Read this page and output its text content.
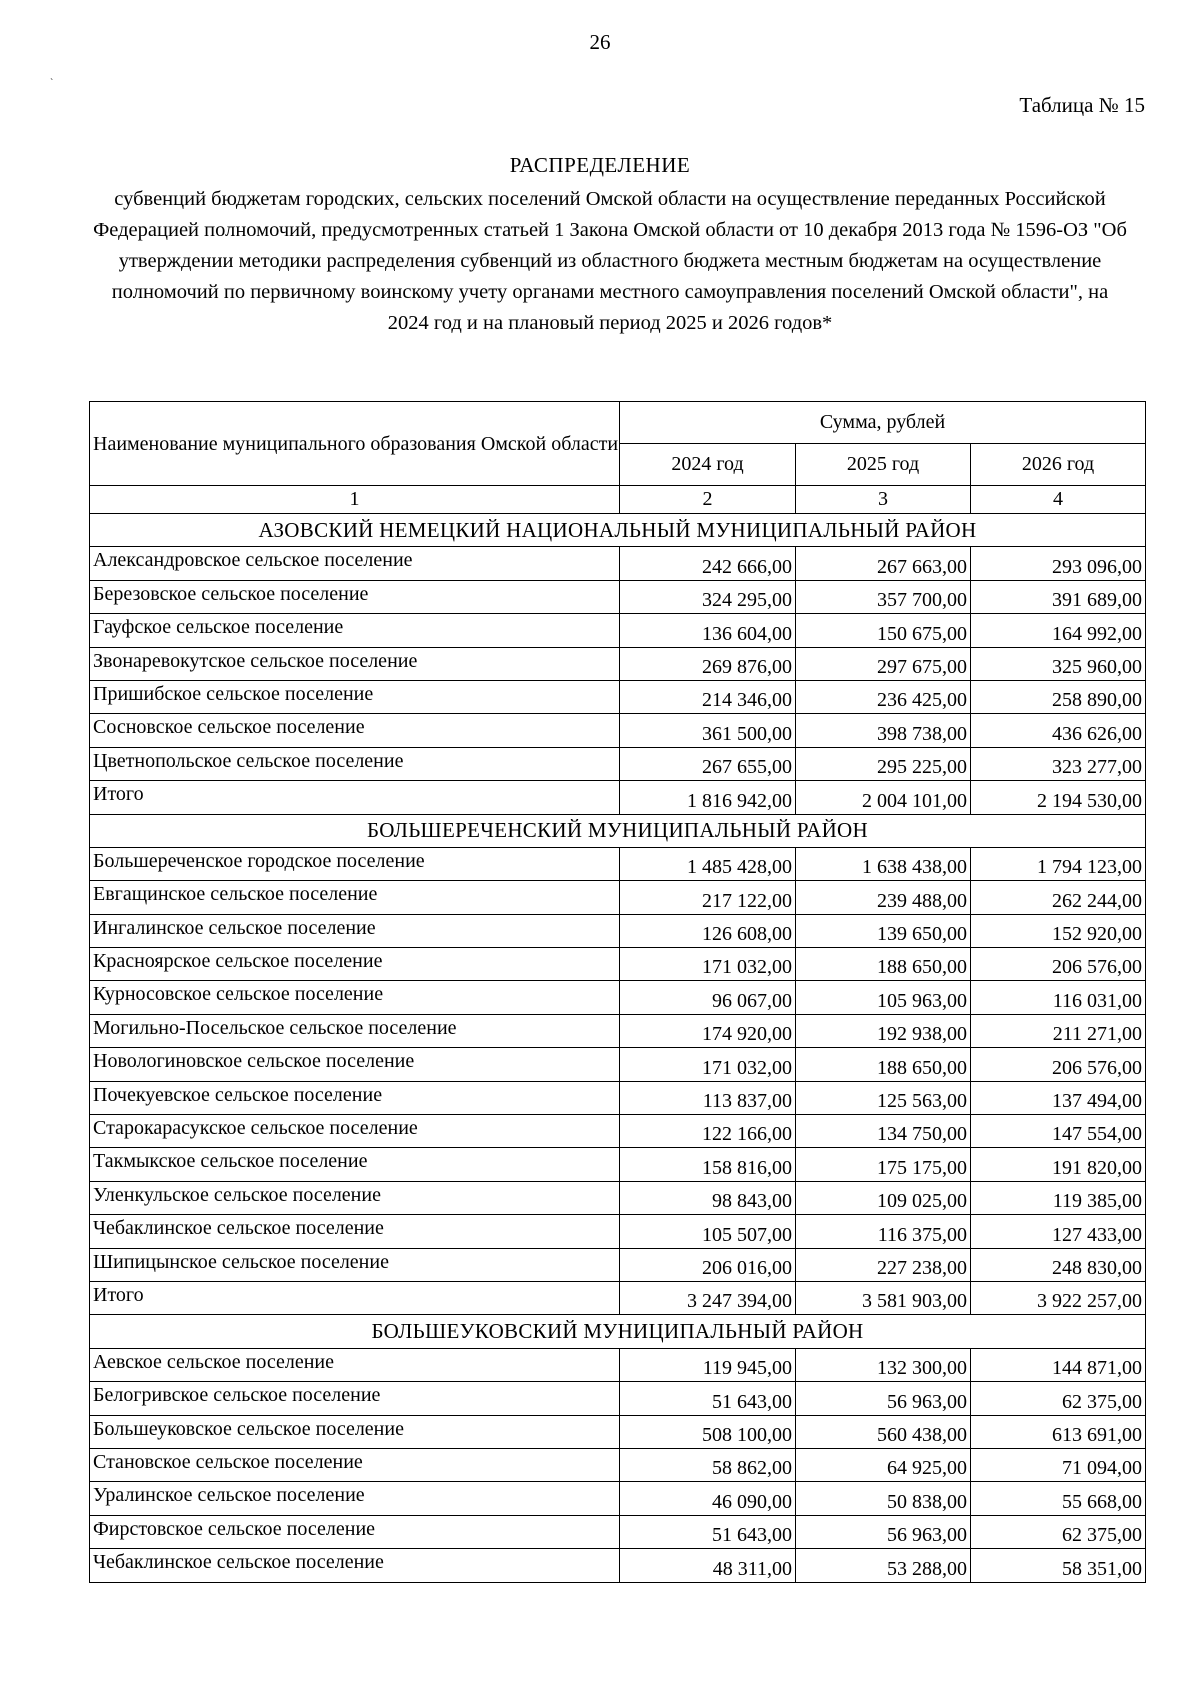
26
`
Таблица № 15
РАСПРЕДЕЛЕНИЕ
субвенций бюджетам городских, сельских поселений Омской области на осуществление переданных Российской Федерацией полномочий, предусмотренных статьей 1 Закона Омской области от 10 декабря 2013 года № 1596-ОЗ "Об утверждении методики распределения субвенций из областного бюджета местным бюджетам на осуществление полномочий по первичному воинскому учету органами местного самоуправления поселений Омской области", на 2024 год и на плановый период 2025 и 2026 годов*
Наименование муниципального образования Омской области	Сумма, рублей		
	2024 год	2025 год	2026 год
1	2	3	4
АЗОВСКИЙ НЕМЕЦКИЙ НАЦИОНАЛЬНЫЙ МУНИЦИПАЛЬНЫЙ РАЙОН			
Александровское сельское поселение	242 666,00	267 663,00	293 096,00
Березовское сельское поселение	324 295,00	357 700,00	391 689,00
Гауфское сельское поселение	136 604,00	150 675,00	164 992,00
Звонаревокутское сельское поселение	269 876,00	297 675,00	325 960,00
Пришибское сельское поселение	214 346,00	236 425,00	258 890,00
Сосновское сельское поселение	361 500,00	398 738,00	436 626,00
Цветнопольское сельское поселение	267 655,00	295 225,00	323 277,00
Итого	1 816 942,00	2 004 101,00	2 194 530,00
БОЛЬШЕРЕЧЕНСКИЙ МУНИЦИПАЛЬНЫЙ РАЙОН			
Большереченское городское поселение	1 485 428,00	1 638 438,00	1 794 123,00
Евгащинское сельское поселение	217 122,00	239 488,00	262 244,00
Ингалинское сельское поселение	126 608,00	139 650,00	152 920,00
Красноярское сельское поселение	171 032,00	188 650,00	206 576,00
Курносовское сельское поселение	96 067,00	105 963,00	116 031,00
Могильно-Посельское сельское поселение	174 920,00	192 938,00	211 271,00
Новологиновское сельское поселение	171 032,00	188 650,00	206 576,00
Почекуевское сельское поселение	113 837,00	125 563,00	137 494,00
Старокарасукское сельское поселение	122 166,00	134 750,00	147 554,00
Такмыкское сельское поселение	158 816,00	175 175,00	191 820,00
Уленкульское сельское поселение	98 843,00	109 025,00	119 385,00
Чебаклинское сельское поселение	105 507,00	116 375,00	127 433,00
Шипицынское сельское поселение	206 016,00	227 238,00	248 830,00
Итого	3 247 394,00	3 581 903,00	3 922 257,00
БОЛЬШЕУКОВСКИЙ МУНИЦИПАЛЬНЫЙ РАЙОН			
Аевское сельское поселение	119 945,00	132 300,00	144 871,00
Белогривское сельское поселение	51 643,00	56 963,00	62 375,00
Большеуковское сельское поселение	508 100,00	560 438,00	613 691,00
Становское сельское поселение	58 862,00	64 925,00	71 094,00
Уралинское сельское поселение	46 090,00	50 838,00	55 668,00
Фирстовское сельское поселение	51 643,00	56 963,00	62 375,00
Чебаклинское сельское поселение	48 311,00	53 288,00	58 351,00
